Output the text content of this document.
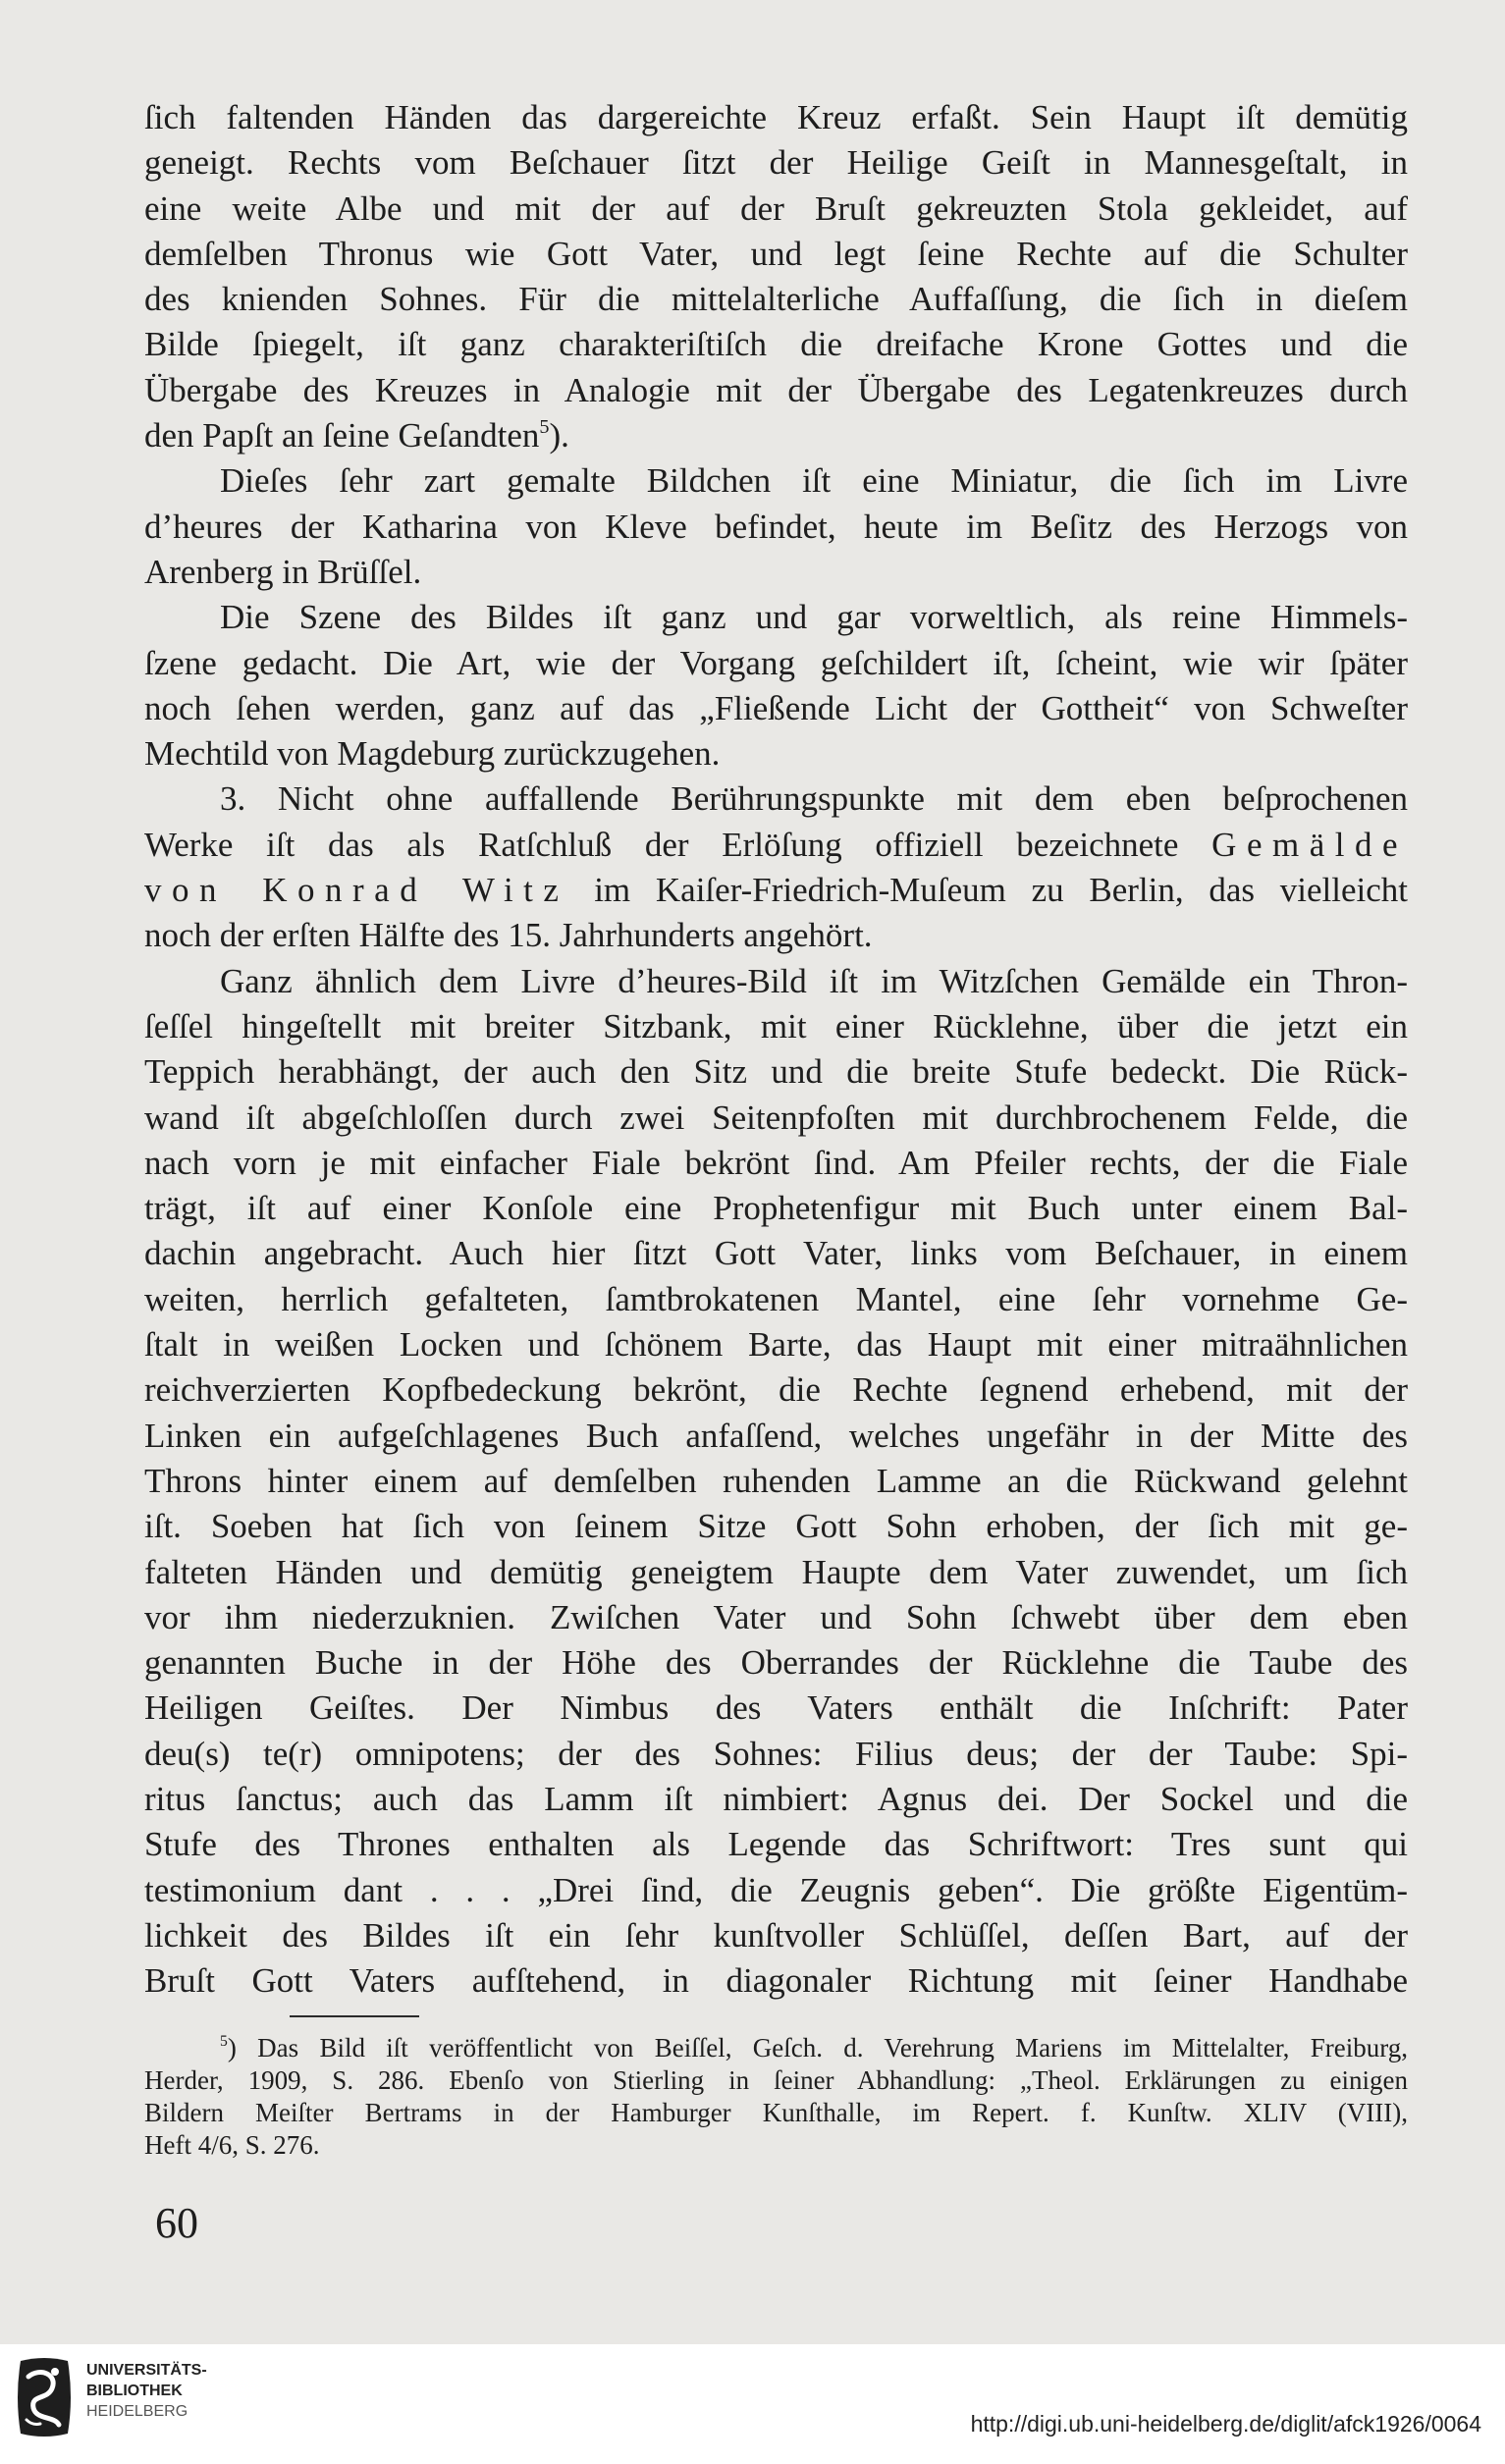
ſich faltenden Händen das dargereichte Kreuz erfaßt. Sein Haupt iſt demütig
geneigt. Rechts vom Beſchauer ſitzt der Heilige Geiſt in Mannesgeſtalt, in
eine weite Albe und mit der auf der Bruſt gekreuzten Stola gekleidet, auf
demſelben Thronus wie Gott Vater, und legt ſeine Rechte auf die Schulter
des knienden Sohnes. Für die mittelalterliche Auffaſſung, die ſich in dieſem
Bilde ſpiegelt, iſt ganz charakteriſtiſch die dreifache Krone Gottes und die
Übergabe des Kreuzes in Analogie mit der Übergabe des Legatenkreuzes durch
den Papſt an ſeine Geſandten$^5$).
Dieſes ſehr zart gemalte Bildchen iſt eine Miniatur, die ſich im Livre
d’heures der Katharina von Kleve befindet, heute im Beſitz des Herzogs von
Arenberg in Brüſſel.
Die Szene des Bildes iſt ganz und gar vorweltlich, als reine Himmels-
ſzene gedacht. Die Art, wie der Vorgang geſchildert iſt, ſcheint, wie wir ſpäter
noch ſehen werden, ganz auf das „Fließende Licht der Gottheit“ von Schweſter
Mechtild von Magdeburg zurückzugehen.
3. Nicht ohne auffallende Berührungspunkte mit dem eben beſprochenen
Werke iſt das als Ratſchluß der Erlöſung offiziell bezeichnete Gemälde
von Konrad Witz im Kaiſer-Friedrich-Muſeum zu Berlin, das vielleicht
noch der erſten Hälfte des 15. Jahrhunderts angehört.
Ganz ähnlich dem Livre d’heures-Bild iſt im Witzſchen Gemälde ein Thron-
ſeſſel hingeſtellt mit breiter Sitzbank, mit einer Rücklehne, über die jetzt ein
Teppich herabhängt, der auch den Sitz und die breite Stufe bedeckt. Die Rück-
wand iſt abgeſchloſſen durch zwei Seitenpfoſten mit durchbrochenem Felde, die
nach vorn je mit einfacher Fiale bekrönt ſind. Am Pfeiler rechts, der die Fiale
trägt, iſt auf einer Konſole eine Prophetenfigur mit Buch unter einem Bal-
dachin angebracht. Auch hier ſitzt Gott Vater, links vom Beſchauer, in einem
weiten, herrlich gefalteten, ſamtbrokatenen Mantel, eine ſehr vornehme Ge-
ſtalt in weißen Locken und ſchönem Barte, das Haupt mit einer mitraähnlichen
reichverzierten Kopfbedeckung bekrönt, die Rechte ſegnend erhebend, mit der
Linken ein aufgeſchlagenes Buch anfaſſend, welches ungefähr in der Mitte des
Throns hinter einem auf demſelben ruhenden Lamme an die Rückwand gelehnt
iſt. Soeben hat ſich von ſeinem Sitze Gott Sohn erhoben, der ſich mit ge-
falteten Händen und demütig geneigtem Haupte dem Vater zuwendet, um ſich
vor ihm niederzuknien. Zwiſchen Vater und Sohn ſchwebt über dem eben
genannten Buche in der Höhe des Oberrandes der Rücklehne die Taube des
Heiligen Geiſtes. Der Nimbus des Vaters enthält die Inſchrift: Pater
deu(s) te(r) omnipotens; der des Sohnes: Filius deus; der der Taube: Spi-
ritus ſanctus; auch das Lamm iſt nimbiert: Agnus dei. Der Sockel und die
Stufe des Thrones enthalten als Legende das Schriftwort: Tres sunt qui
testimonium dant . . . „Drei ſind, die Zeugnis geben“. Die größte Eigentüm-
lichkeit des Bildes iſt ein ſehr kunſtvoller Schlüſſel, deſſen Bart, auf der
Bruſt Gott Vaters aufſtehend, in diagonaler Richtung mit ſeiner Handhabe
$^5$) Das Bild iſt veröffentlicht von Beiſſel, Geſch. d. Verehrung Mariens im Mittelalter, Freiburg,
Herder, 1909, S. 286. Ebenſo von Stierling in ſeiner Abhandlung: „Theol. Erklärungen zu einigen
Bildern Meiſter Bertrams in der Hamburger Kunſthalle, im Repert. f. Kunſtw. XLIV (VIII),
Heft 4/6, S. 276.
60
UNIVERSITÄTS-
BIBLIOTHEK
HEIDELBERG	http://digi.ub.uni-heidelberg.de/diglit/afck1926/0064
